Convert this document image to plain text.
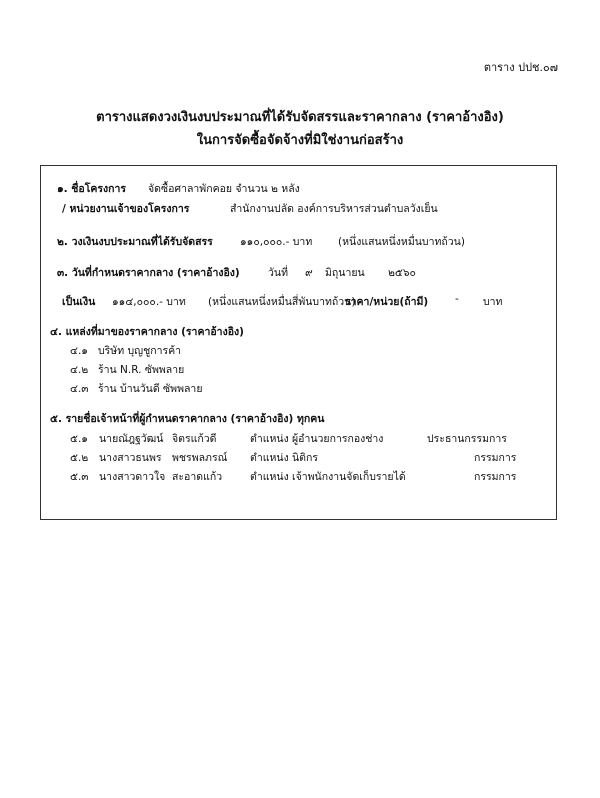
ตาราง ปปช.๐๗
ตารางแสดงวงเงินงบประมาณที่ได้รับจัดสรรและราคากลาง (ราคาอ้างอิง)
ในการจัดซื้อจัดจ้างที่มิใช่งานก่อสร้าง
๑. ชื่อโครงการ จัดซื้อศาลาพักคอย จำนวน ๒ หลัง
/ หน่วยงานเจ้าของโครงการ	สำนักงานปลัด องค์การบริหารส่วนตำบลวังเย็น
๒. วงเงินงบประมาณที่ได้รับจัดสรร	๑๑๐,๐๐๐.- บาท (หนึ่งแสนหนึ่งหมื่นบาทถ้วน)
๓. วันที่กำหนดราคากลาง (ราคาอ้างอิง)	วันที่ ๙ มิถุนายน ๒๕๖๐
เป็นเงิน ๑๑๔,๐๐๐.- บาท (หนึ่งแสนหนึ่งหมื่นสี่พันบาทถ้วน)
ราคา/หน่วย(ถ้ามี)	- บาท
๔. แหล่งที่มาของราคากลาง (ราคาอ้างอิง)
๔.๑ บริษัท บุญชูการค้า
๔.๒ ร้าน N.R. ซัพพลาย
๔.๓ ร้าน บ้านวันดี ซัพพลาย
๕. รายชื่อเจ้าหน้าที่ผู้กำหนดราคากลาง (ราคาอ้างอิง) ทุกคน
๕.๑ นายณัฎฐวัฒน์ จิตรแก้วดี	ตำแหน่ง ผู้อำนวยการกองช่าง	ประธานกรรมการ
๕.๒ นางสาวธนพร พชรพลภรณ์ ตำแหน่ง นิติกร	กรรมการ
๕.๓ นางสาวดาวใจ สะอาดแก้ว	ตำแหน่ง เจ้าพนักงานจัดเก็บรายได้	กรรมการ
